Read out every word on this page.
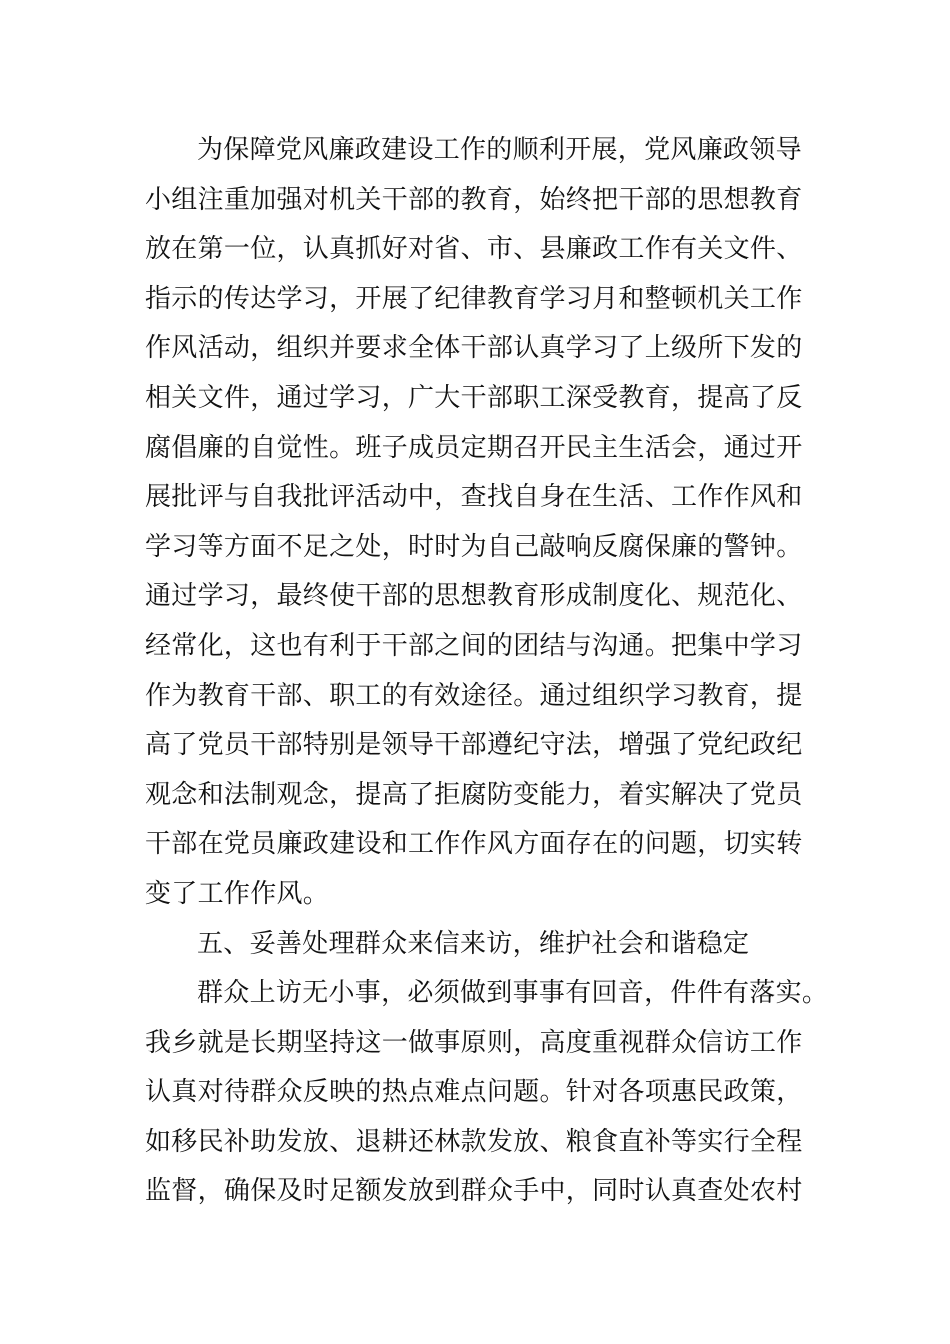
为保障党风廉政建设工作的顺利开展，党风廉政领导
小组注重加强对机关干部的教育，始终把干部的思想教育
放在第一位，认真抓好对省、市、县廉政工作有关文件、
指示的传达学习，开展了纪律教育学习月和整顿机关工作
作风活动，组织并要求全体干部认真学习了上级所下发的
相关文件，通过学习，广大干部职工深受教育，提高了反
腐倡廉的自觉性。班子成员定期召开民主生活会，通过开
展批评与自我批评活动中，查找自身在生活、工作作风和
学习等方面不足之处，时时为自己敲响反腐保廉的警钟。
通过学习，最终使干部的思想教育形成制度化、规范化、
经常化，这也有利于干部之间的团结与沟通。把集中学习
作为教育干部、职工的有效途径。通过组织学习教育，提
高了党员干部特别是领导干部遵纪守法，增强了党纪政纪
观念和法制观念，提高了拒腐防变能力，着实解决了党员
干部在党员廉政建设和工作作风方面存在的问题，切实转
变了工作作风。
五、妥善处理群众来信来访，维护社会和谐稳定
群众上访无小事，必须做到事事有回音，件件有落实。
我乡就是长期坚持这一做事原则，高度重视群众信访工作
认真对待群众反映的热点难点问题。针对各项惠民政策，
如移民补助发放、退耕还林款发放、粮食直补等实行全程
监督，确保及时足额发放到群众手中，同时认真查处农村
